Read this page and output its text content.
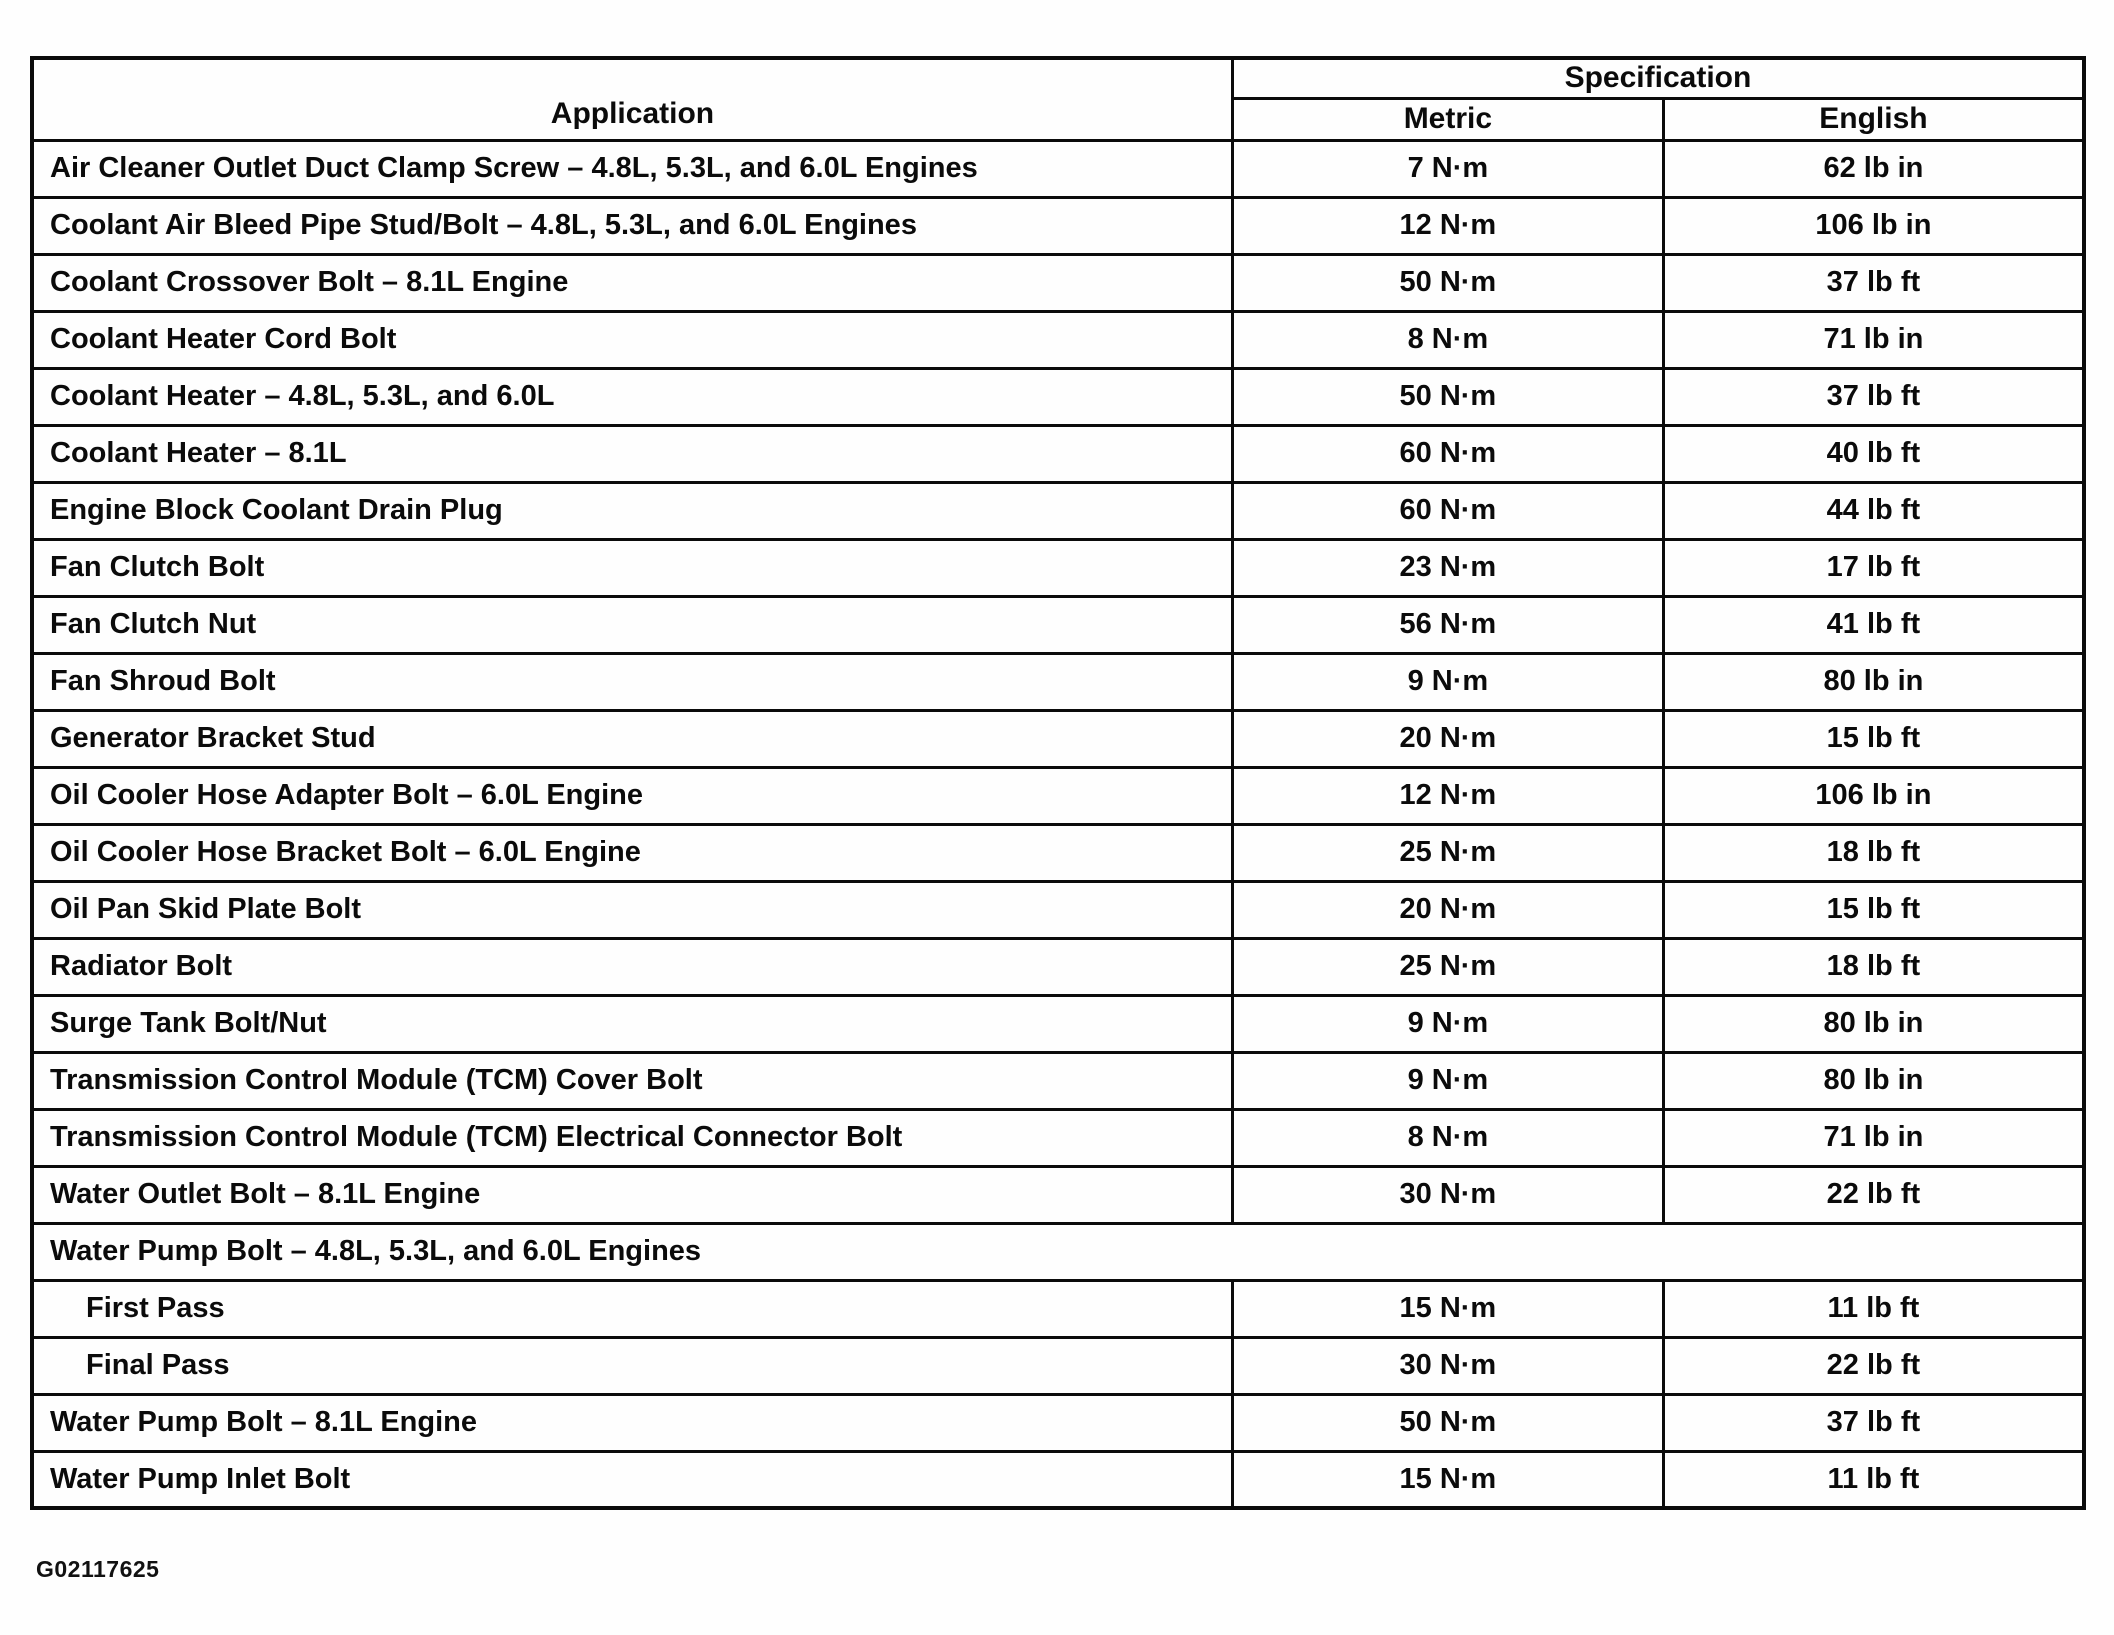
Application	Specification	
	Metric	English
Air Cleaner Outlet Duct Clamp Screw – 4.8L, 5.3L, and 6.0L Engines	7 N·m	62 lb in
Coolant Air Bleed Pipe Stud/Bolt – 4.8L, 5.3L, and 6.0L Engines	12 N·m	106 lb in
Coolant Crossover Bolt – 8.1L Engine	50 N·m	37 lb ft
Coolant Heater Cord Bolt	8 N·m	71 lb in
Coolant Heater – 4.8L, 5.3L, and 6.0L	50 N·m	37 lb ft
Coolant Heater – 8.1L	60 N·m	40 lb ft
Engine Block Coolant Drain Plug	60 N·m	44 lb ft
Fan Clutch Bolt	23 N·m	17 lb ft
Fan Clutch Nut	56 N·m	41 lb ft
Fan Shroud Bolt	9 N·m	80 lb in
Generator Bracket Stud	20 N·m	15 lb ft
Oil Cooler Hose Adapter Bolt – 6.0L Engine	12 N·m	106 lb in
Oil Cooler Hose Bracket Bolt – 6.0L Engine	25 N·m	18 lb ft
Oil Pan Skid Plate Bolt	20 N·m	15 lb ft
Radiator Bolt	25 N·m	18 lb ft
Surge Tank Bolt/Nut	9 N·m	80 lb in
Transmission Control Module (TCM) Cover Bolt	9 N·m	80 lb in
Transmission Control Module (TCM) Electrical Connector Bolt	8 N·m	71 lb in
Water Outlet Bolt – 8.1L Engine	30 N·m	22 lb ft
Water Pump Bolt – 4.8L, 5.3L, and 6.0L Engines		
First Pass	15 N·m	11 lb ft
Final Pass	30 N·m	22 lb ft
Water Pump Bolt – 8.1L Engine	50 N·m	37 lb ft
Water Pump Inlet Bolt	15 N·m	11 lb ft
G02117625
